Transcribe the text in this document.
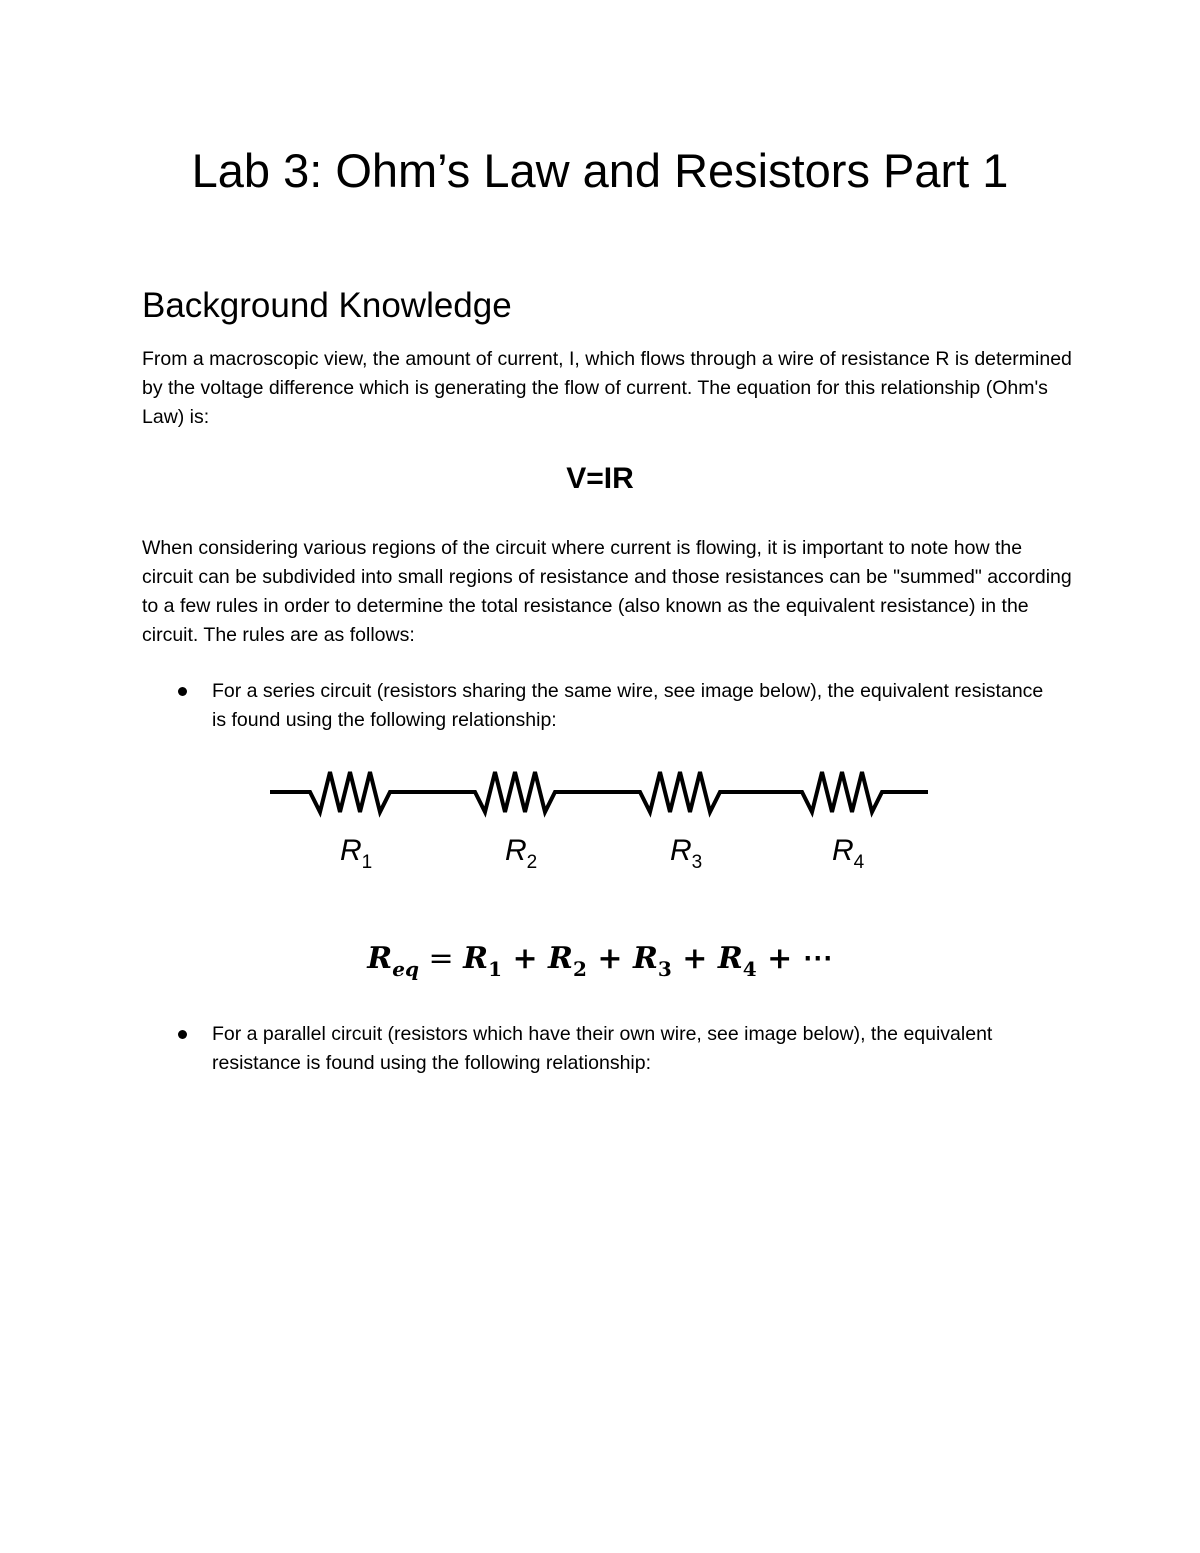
Lab 3: Ohm’s Law and Resistors Part 1
Background Knowledge

From a macroscopic view, the amount of current, I, which flows through a wire of resistance R is determined by the voltage difference which is generating the flow of current. The equation for this relationship (Ohm's Law) is:

V=IR

When considering various regions of the circuit where current is flowing, it is important to note how the circuit can be subdivided into small regions of resistance and those resistances can be "summed" according to a few rules in order to determine the total resistance (also known as the equivalent resistance) in the circuit. The rules are as follows:

For a series circuit (resistors sharing the same wire, see image below), the equivalent resistance is found using the following relationship:

$R_1$	$R_2$	$R_3$	$R_4$
$R_{eq} = R_1 + R_2 + R_3 + R_4$ + ⋯

For a parallel circuit (resistors which have their own wire, see image below), the equivalent resistance is found using the following relationship:
